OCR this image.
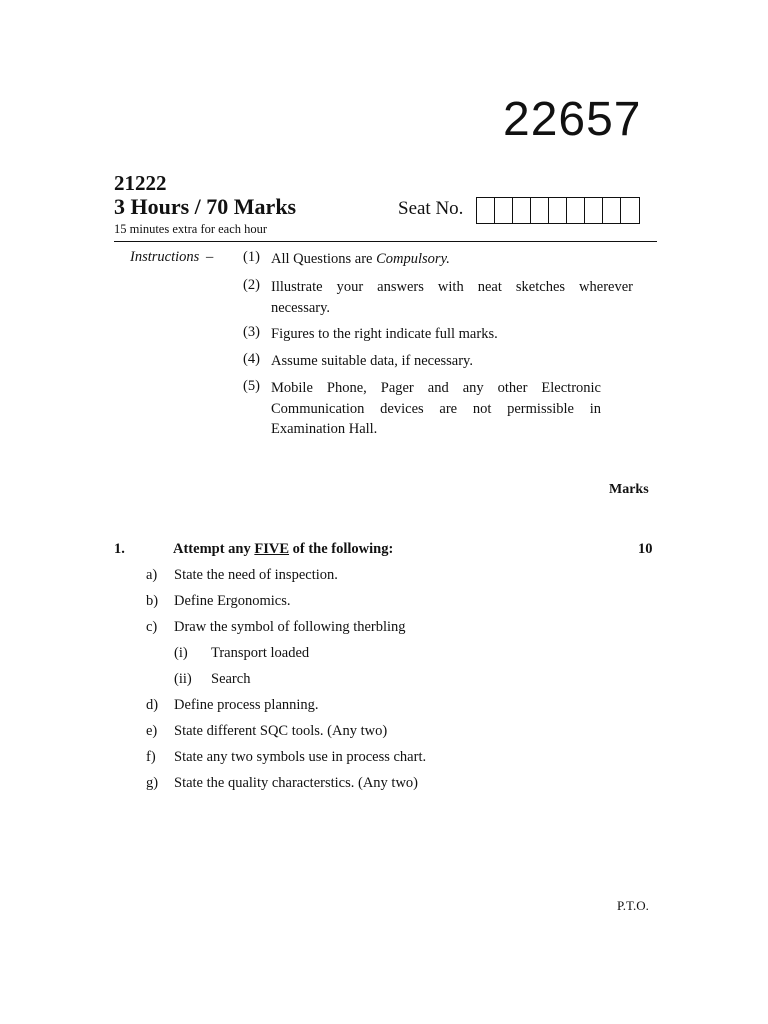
22657
21222
3 Hours / 70 Marks
15 minutes extra for each hour
Seat No.
Instructions – (1) All Questions are Compulsory.
(2) Illustrate your answers with neat sketches wherever necessary.
(3) Figures to the right indicate full marks.
(4) Assume suitable data, if necessary.
(5) Mobile Phone, Pager and any other Electronic Communication devices are not permissible in Examination Hall.
Marks
1.	Attempt any FIVE of the following:	10
a) State the need of inspection.
b) Define Ergonomics.
c) Draw the symbol of following therbling
(i) Transport loaded
(ii) Search
d) Define process planning.
e) State different SQC tools. (Any two)
f) State any two symbols use in process chart.
g) State the quality characterstics. (Any two)
P.T.O.
